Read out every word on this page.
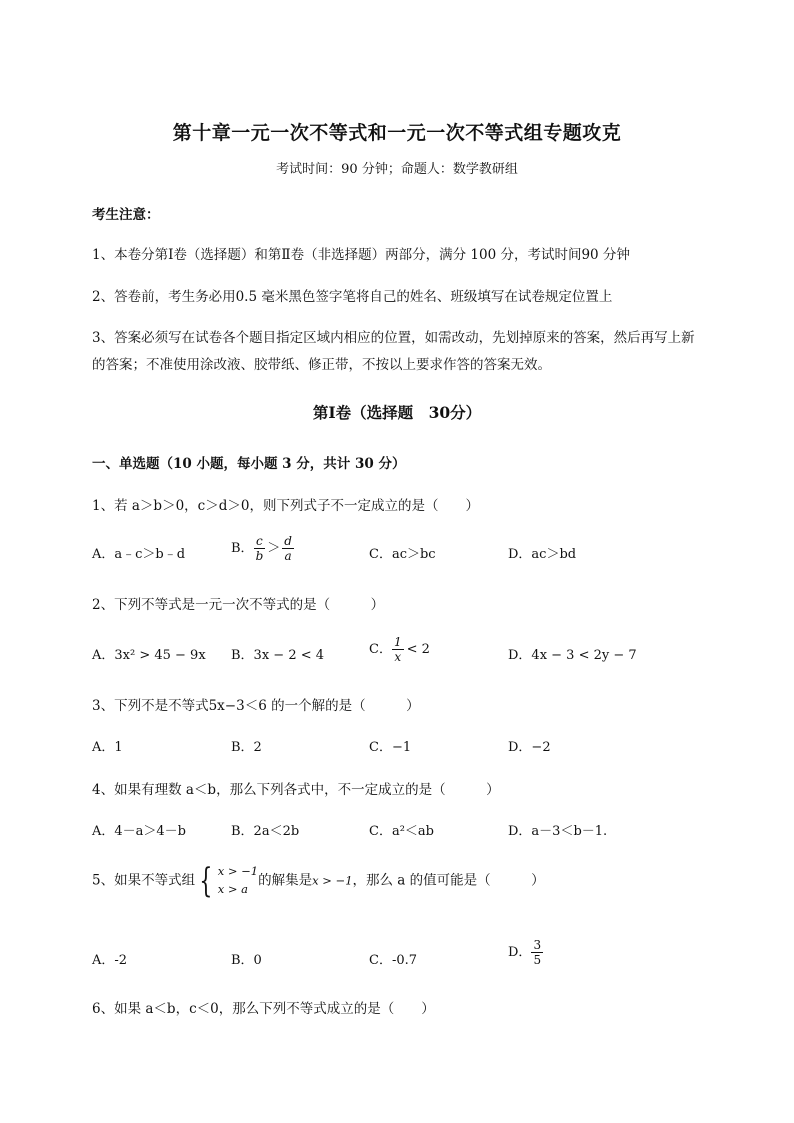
第十章一元一次不等式和一元一次不等式组专题攻克
考试时间：90 分钟；命题人：数学教研组
考生注意：
1、本卷分第Ⅰ卷（选择题）和第Ⅱ卷（非选择题）两部分，满分 100 分，考试时间90 分钟
2、答卷前，考生务必用0.5 毫米黑色签字笔将自己的姓名、班级填写在试卷规定位置上
3、答案必须写在试卷各个题目指定区域内相应的位置，如需改动，先划掉原来的答案，然后再写上新
的答案；不准使用涂改液、胶带纸、修正带，不按以上要求作答的答案无效。
第Ⅰ卷（选择题　30分）
一、单选题（10 小题，每小题 3 分，共计 30 分）
1、若 a＞b＞0，c＞d＞0，则下列式子不一定成立的是（　　）
A．a﹣c＞b﹣d	B． $\frac{c}{b} > \frac{d}{a}$	C．ac＞bc	D．ac＞bd
2、下列不等式是一元一次不等式的是（　　　）
A．3x² > 45 − 9x B．3x − 2 < 4	C． $\frac{1}{x} < 2$	D．4x − 3 < 2y − 7
3、下列不是不等式5x−3＜6 的一个解的是（　　　）
A．1	B．2	C．−1	D．−2
4、如果有理数 a＜b，那么下列各式中，不一定成立的是（　　　）
A．4－a＞4－b	B．2a＜2b	C．a²＜ab	D．a－3＜b－1.
5、如果不等式组 { x > −1
x > a
的解集是x > −1，那么 a 的值可能是（　　　）
A．-2	B．0	C．-0.7
D． $\frac{3}{5}$
6、如果 a＜b，c＜0，那么下列不等式成立的是（　　）
